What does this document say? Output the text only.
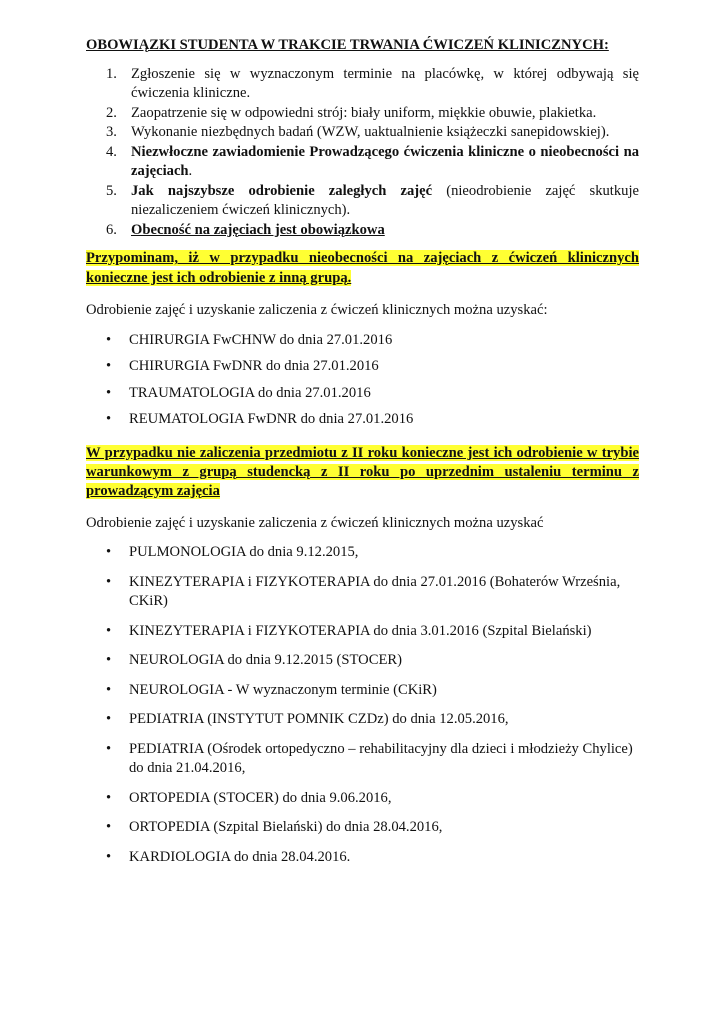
OBOWIĄZKI STUDENTA W TRAKCIE TRWANIA ĆWICZEŃ KLINICZNYCH:
1. Zgłoszenie się w wyznaczonym terminie na placówkę, w której odbywają się ćwiczenia kliniczne.
2. Zaopatrzenie się w odpowiedni strój: biały uniform, miękkie obuwie, plakietka.
3. Wykonanie niezbędnych badań (WZW, uaktualnienie książeczki sanepidowskiej).
4. Niezwłoczne zawiadomienie Prowadzącego ćwiczenia kliniczne o nieobecności na zajęciach.
5. Jak najszybsze odrobienie zaległych zajęć (nieodrobienie zajęć skutkuje niezaliczeniem ćwiczeń klinicznych).
6. Obecność na zajęciach jest obowiązkowa
Przypominam, iż w przypadku nieobecności na zajęciach z ćwiczeń klinicznych konieczne jest ich odrobienie z inną grupą.
Odrobienie zajęć i uzyskanie zaliczenia z ćwiczeń klinicznych można uzyskać:
• CHIRURGIA FwCHNW do dnia 27.01.2016
• CHIRURGIA FwDNR do dnia 27.01.2016
• TRAUMATOLOGIA do dnia 27.01.2016
• REUMATOLOGIA FwDNR do dnia 27.01.2016
W przypadku nie zaliczenia przedmiotu z II roku konieczne jest ich odrobienie w trybie warunkowym z grupą studencką z II roku po uprzednim ustaleniu terminu z prowadzącym zajęcia
Odrobienie zajęć i uzyskanie zaliczenia z ćwiczeń klinicznych można uzyskać
• PULMONOLOGIA do dnia 9.12.2015,
• KINEZYTERAPIA i FIZYKOTERAPIA do dnia 27.01.2016 (Bohaterów Września, CKiR)
• KINEZYTERAPIA i FIZYKOTERAPIA do dnia 3.01.2016 (Szpital Bielański)
• NEUROLOGIA do dnia 9.12.2015 (STOCER)
• NEUROLOGIA - W wyznaczonym terminie (CKiR)
• PEDIATRIA (INSTYTUT POMNIK CZDz) do dnia 12.05.2016,
• PEDIATRIA (Ośrodek ortopedyczno – rehabilitacyjny dla dzieci i młodzieży Chylice) do dnia 21.04.2016,
• ORTOPEDIA (STOCER) do dnia 9.06.2016,
• ORTOPEDIA (Szpital Bielański) do dnia 28.04.2016,
• KARDIOLOGIA do dnia 28.04.2016.
